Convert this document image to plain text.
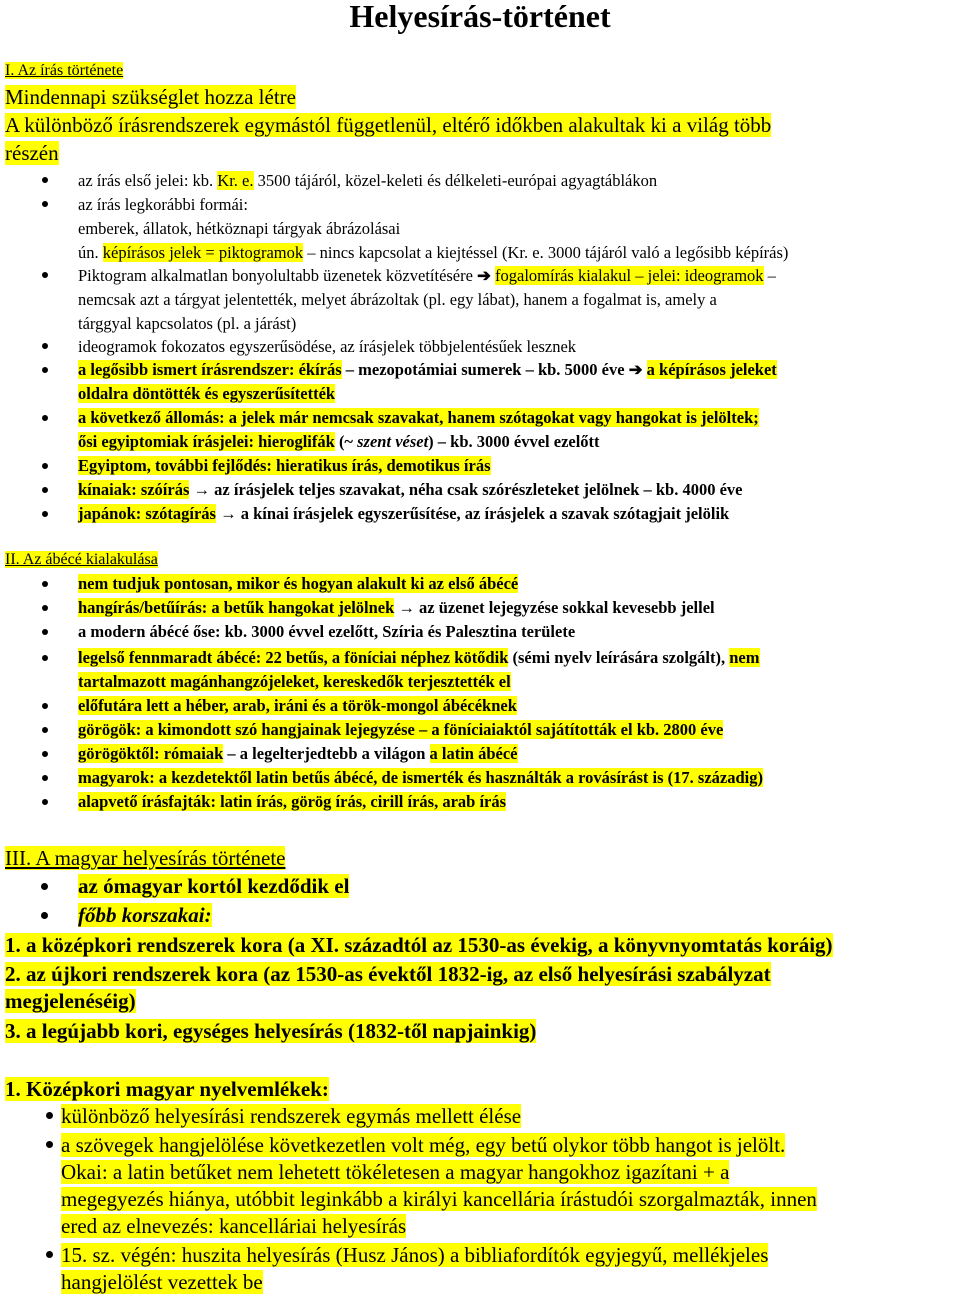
Helyesírás-történet
I. Az írás története
Mindennapi szükséglet hozza létre
A különböző írásrendszerek egymástól függetlenül, eltérő időkben alakultak ki a világ több
részén
az írás első jelei: kb. Kr. e. 3500 tájáról, közel-keleti és délkeleti-európai agyagtáblákon
az írás legkorábbi formái:
emberek, állatok, hétköznapi tárgyak ábrázolásai
ún. képírásos jelek = piktogramok – nincs kapcsolat a kiejtéssel (Kr. e. 3000 tájáról való a legősibb képírás)
Piktogram alkalmatlan bonyolultabb üzenetek közvetítésére ➔ fogalomírás kialakul – jelei: ideogramok –
nemcsak azt a tárgyat jelentették, melyet ábrázoltak (pl. egy lábat), hanem a fogalmat is, amely a
tárggyal kapcsolatos (pl. a járást)
ideogramok fokozatos egyszerűsödése, az írásjelek többjelentésűek lesznek
a legősibb ismert írásrendszer: ékírás – mezopotámiai sumerek – kb. 5000 éve ➔ a képírásos jeleket
oldalra döntötték és egyszerűsítették
a következő állomás: a jelek már nemcsak szavakat, hanem szótagokat vagy hangokat is jelöltek;
ősi egyiptomiak írásjelei: hieroglifák (~ szent véset) – kb. 3000 évvel ezelőtt
Egyiptom, további fejlődés: hieratikus írás, demotikus írás
kínaiak: szóírás → az írásjelek teljes szavakat, néha csak szórészleteket jelölnek – kb. 4000 éve
japánok: szótagírás → a kínai írásjelek egyszerűsítése, az írásjelek a szavak szótagjait jelölik
II. Az ábécé kialakulása
nem tudjuk pontosan, mikor és hogyan alakult ki az első ábécé
hangírás/betűírás: a betűk hangokat jelölnek → az üzenet lejegyzése sokkal kevesebb jellel
a modern ábécé őse: kb. 3000 évvel ezelőtt, Szíria és Palesztina területe
legelső fennmaradt ábécé: 22 betűs, a föníciai néphez kötődik (sémi nyelv leírására szolgált), nem
tartalmazott magánhangzójeleket, kereskedők terjesztették el
előfutára lett a héber, arab, iráni és a török-mongol ábécéknek
görögök: a kimondott szó hangjainak lejegyzése – a föníciaiaktól sajátították el kb. 2800 éve
görögöktől: rómaiak – a legelterjedtebb a világon a latin ábécé
magyarok: a kezdetektől latin betűs ábécé, de ismerték és használták a rovásírást is (17. századig)
alapvető írásfajták: latin írás, görög írás, cirill írás, arab írás
III. A magyar helyesírás története
az ómagyar kortól kezdődik el
főbb korszakai:
1. a középkori rendszerek kora (a XI. századtól az 1530-as évekig, a könyvnyomtatás koráig)
2. az újkori rendszerek kora (az 1530-as évektől 1832-ig, az első helyesírási szabályzat
megjelenéséig)
3. a legújabb kori, egységes helyesírás (1832-től napjainkig)
1. Középkori magyar nyelvemlékek:
különböző helyesírási rendszerek egymás mellett élése
a szövegek hangjelölése következetlen volt még, egy betű olykor több hangot is jelölt.
Okai: a latin betűket nem lehetett tökéletesen a magyar hangokhoz igazítani + a
megegyezés hiánya, utóbbit leginkább a királyi kancellária írástudói szorgalmazták, innen
ered az elnevezés: kancelláriai helyesírás
15. sz. végén: huszita helyesírás (Husz János) a bibliafordítók egyjegyű, mellékjeles
hangjelölést vezettek be
